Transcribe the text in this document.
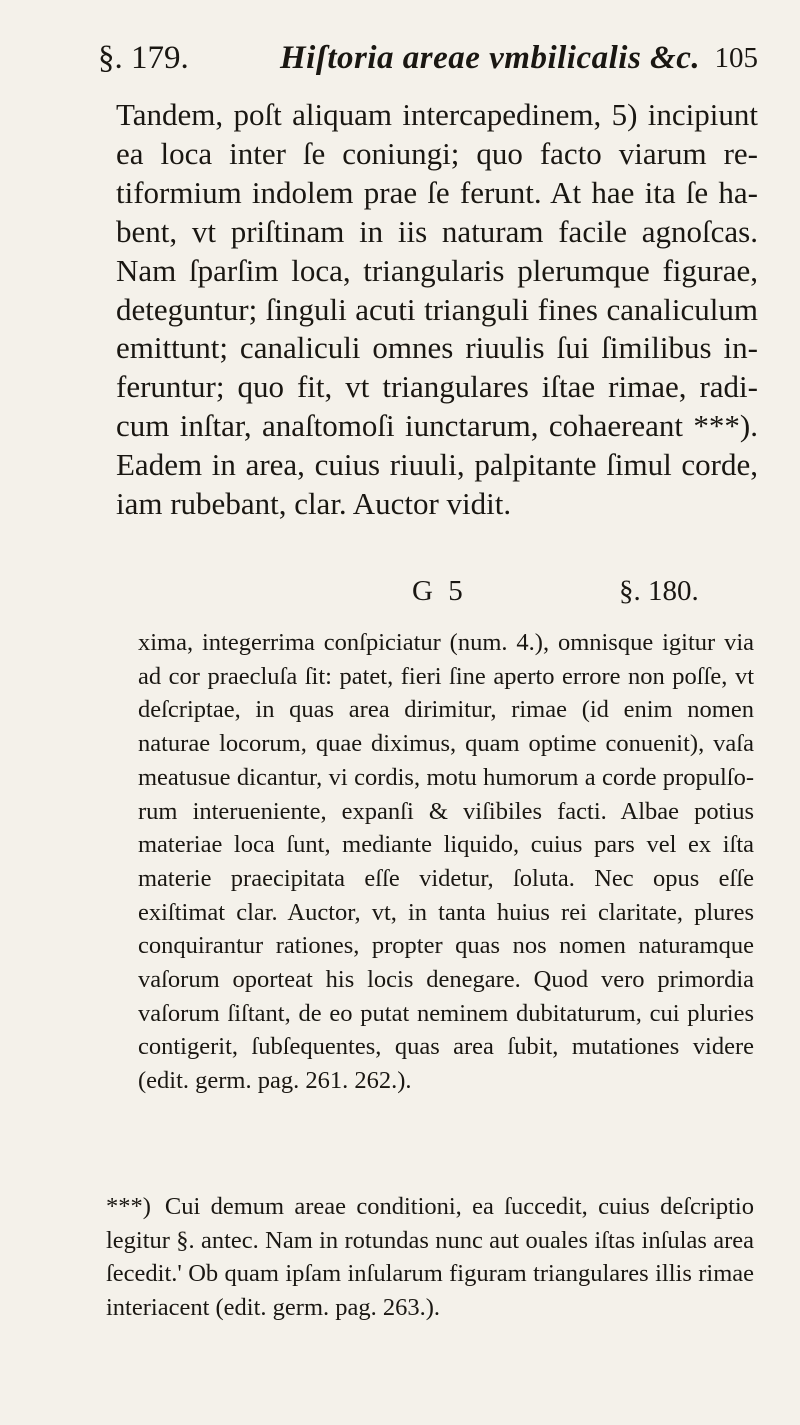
§. 179.	Hiſtoria areae vmbilicalis &c. 105

Tandem, poſt aliquam intercapedinem, 5) incipiunt ea loca inter ſe coniungi; quo facto viarum retiformium indolem prae ſe ferunt. At hae ita ſe habent, vt priſtinam in iis naturam facile agnoſcas. Nam ſparſim loca, triangularis plerumque figurae, deteguntur; ſinguli acuti trianguli fines canaliculum emittunt; canaliculi omnes riuulis ſui ſimilibus inferuntur; quo fit, vt triangulares iſtae rimae, radicum inſtar, anaſtomoſi iunctarum, cohaereant ***). Eadem in area, cuius riuuli, palpitante ſimul corde, iam rubebant, clar. Auctor vidit.

G 5	§. 180.

xima, integerrima conſpiciatur (num. 4.), omnisque igitur via ad cor praecluſa ſit: patet, fieri ſine aperto errore non poſſe, vt deſcriptae, in quas area dirimitur, rimae (id enim nomen naturae locorum, quae diximus, quam optime conuenit), vaſa meatusue dicantur, vi cordis, motu humorum a corde propulſorum interueniente, expanſi & viſibiles facti. Albae potius materiae loca ſunt, mediante liquido, cuius pars vel ex iſta materie praecipitata eſſe videtur, ſoluta. Nec opus eſſe exiſtimat clar. Auctor, vt, in tanta huius rei claritate, plures conquirantur rationes, propter quas nos nomen naturamque vaſorum oporteat his locis denegare. Quod vero primordia vaſorum ſiſtant, de eo putat neminem dubitaturum, cui pluries contigerit, ſubſequentes, quas area ſubit, mutationes videre (edit. germ. pag. 261. 262.).

***) Cui demum areae conditioni, ea ſuccedit, cuius deſcriptio legitur §. antec. Nam in rotundas nunc aut ouales iſtas inſulas area ſecedit.' Ob quam ipſam inſularum figuram triangulares illis rimae interiacent (edit. germ. pag. 263.).
